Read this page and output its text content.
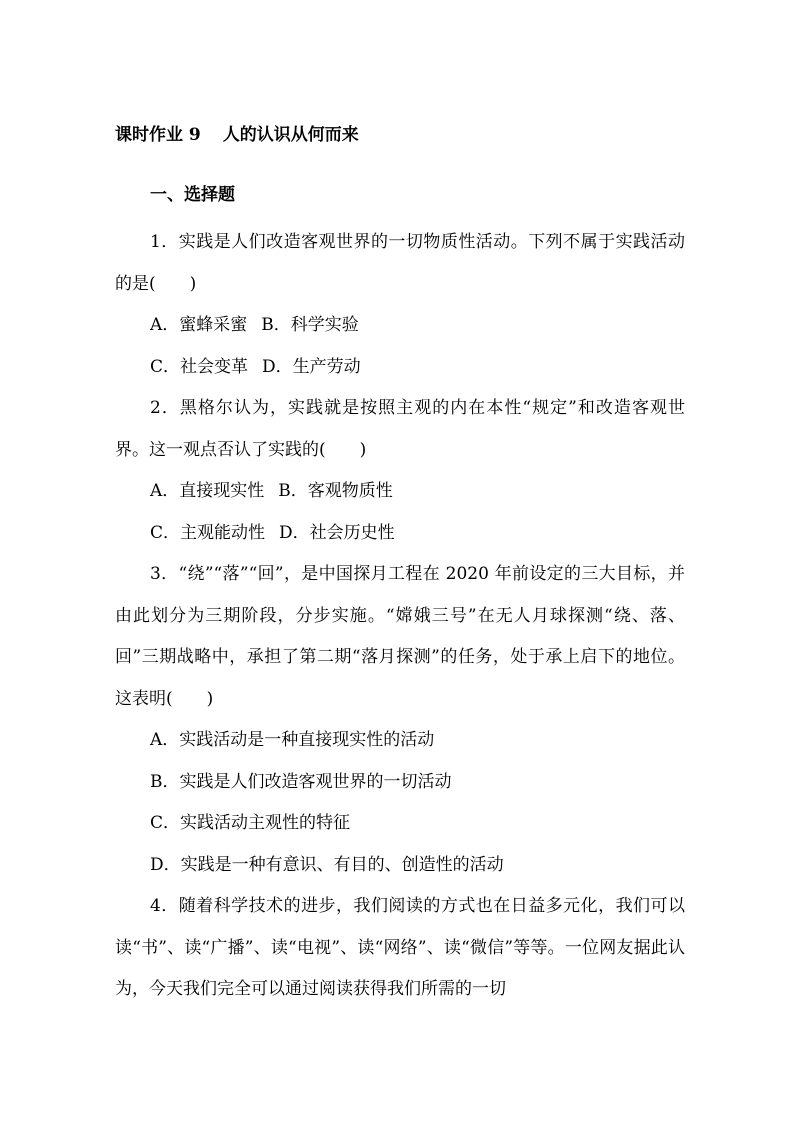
课时作业 9 人的认识从何而来
一、选择题

1．实践是人们改造客观世界的一切物质性活动。下列不属于实践活动的是(　　)

A．蜜蜂采蜜 B．科学实验

C．社会变革 D．生产劳动

2．黑格尔认为，实践就是按照主观的内在本性“规定”和改造客观世界。这一观点否认了实践的(　　)

A．直接现实性 B．客观物质性

C．主观能动性 D．社会历史性

3．“绕”“落”“回”，是中国探月工程在 2020 年前设定的三大目标，并由此划分为三期阶段，分步实施。“嫦娥三号”在无人月球探测“绕、落、回”三期战略中，承担了第二期“落月探测”的任务，处于承上启下的地位。这表明(　　)

A．实践活动是一种直接现实性的活动

B．实践是人们改造客观世界的一切活动

C．实践活动主观性的特征

D．实践是一种有意识、有目的、创造性的活动

4．随着科学技术的进步，我们阅读的方式也在日益多元化，我们可以读“书”、读“广播”、读“电视”、读“网络”、读“微信”等等。一位网友据此认为，今天我们完全可以通过阅读获得我们所需的一切
